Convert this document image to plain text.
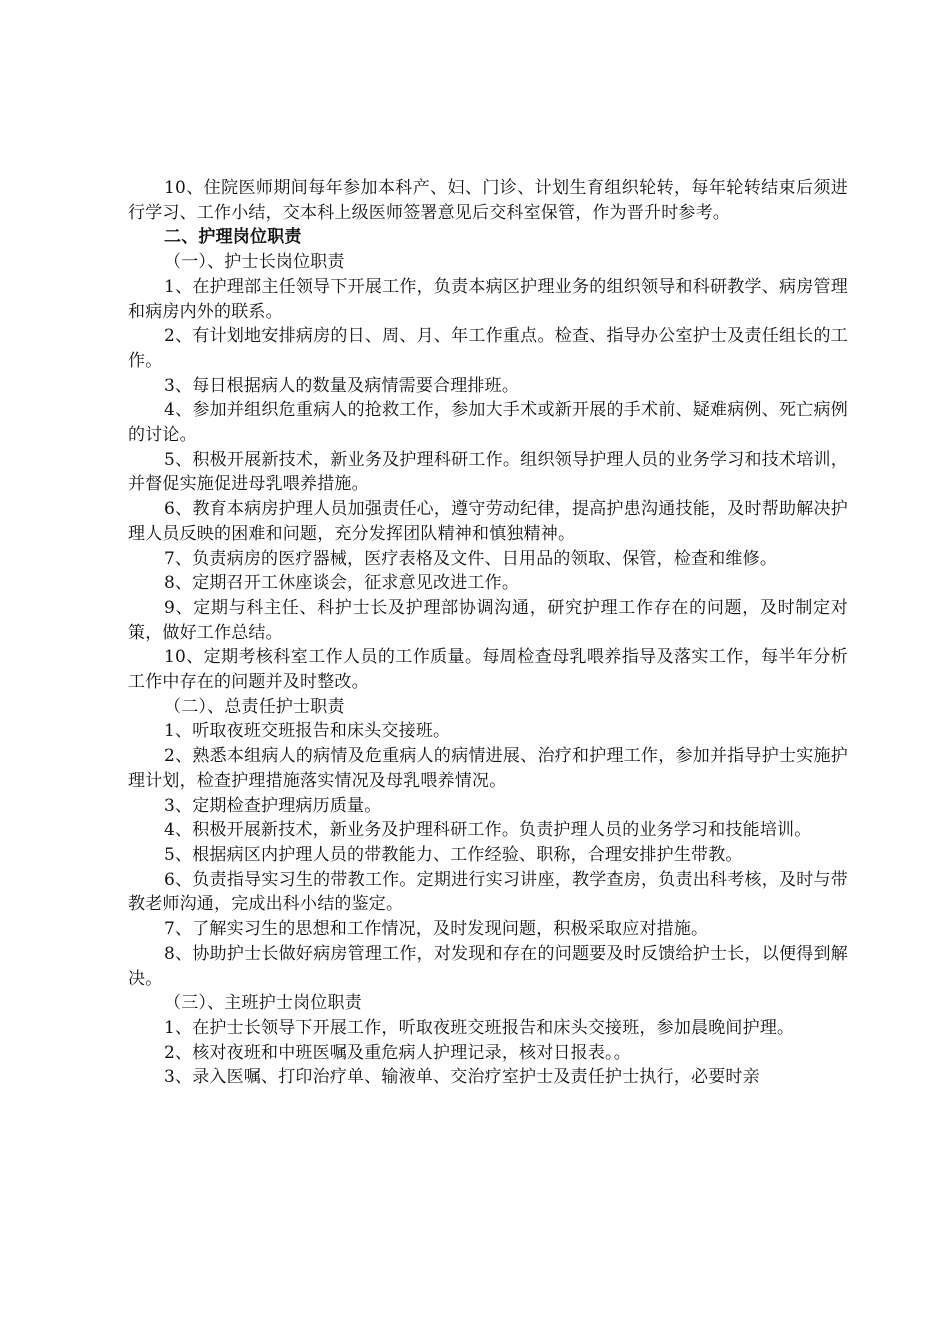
10、住院医师期间每年参加本科产、妇、门诊、计划生育组织轮转，每年轮转结束后须进行学习、工作小结，交本科上级医师签署意见后交科室保管，作为晋升时参考。

二、护理岗位职责

（一）、护士长岗位职责

1、在护理部主任领导下开展工作，负责本病区护理业务的组织领导和科研教学、病房管理和病房内外的联系。

2、有计划地安排病房的日、周、月、年工作重点。检查、指导办公室护士及责任组长的工作。

3、每日根据病人的数量及病情需要合理排班。

4、参加并组织危重病人的抢救工作，参加大手术或新开展的手术前、疑难病例、死亡病例的讨论。

5、积极开展新技术，新业务及护理科研工作。组织领导护理人员的业务学习和技术培训，并督促实施促进母乳喂养措施。

6、教育本病房护理人员加强责任心，遵守劳动纪律，提高护患沟通技能，及时帮助解决护理人员反映的困难和问题，充分发挥团队精神和慎独精神。

7、负责病房的医疗器械，医疗表格及文件、日用品的领取、保管，检查和维修。

8、定期召开工休座谈会，征求意见改进工作。

9、定期与科主任、科护士长及护理部协调沟通，研究护理工作存在的问题，及时制定对策，做好工作总结。

10、定期考核科室工作人员的工作质量。每周检查母乳喂养指导及落实工作，每半年分析工作中存在的问题并及时整改。

（二）、总责任护士职责

1、听取夜班交班报告和床头交接班。

2、熟悉本组病人的病情及危重病人的病情进展、治疗和护理工作，参加并指导护士实施护理计划，检查护理措施落实情况及母乳喂养情况。

3、定期检查护理病历质量。

4、积极开展新技术，新业务及护理科研工作。负责护理人员的业务学习和技能培训。

5、根据病区内护理人员的带教能力、工作经验、职称，合理安排护生带教。

6、负责指导实习生的带教工作。定期进行实习讲座，教学查房，负责出科考核，及时与带教老师沟通，完成出科小结的鉴定。

7、了解实习生的思想和工作情况，及时发现问题，积极采取应对措施。

8、协助护士长做好病房管理工作，对发现和存在的问题要及时反馈给护士长，以便得到解决。

（三）、主班护士岗位职责

1、在护士长领导下开展工作，听取夜班交班报告和床头交接班，参加晨晚间护理。

2、核对夜班和中班医嘱及重危病人护理记录，核对日报表。。

3、录入医嘱、打印治疗单、输液单、交治疗室护士及责任护士执行，必要时亲
